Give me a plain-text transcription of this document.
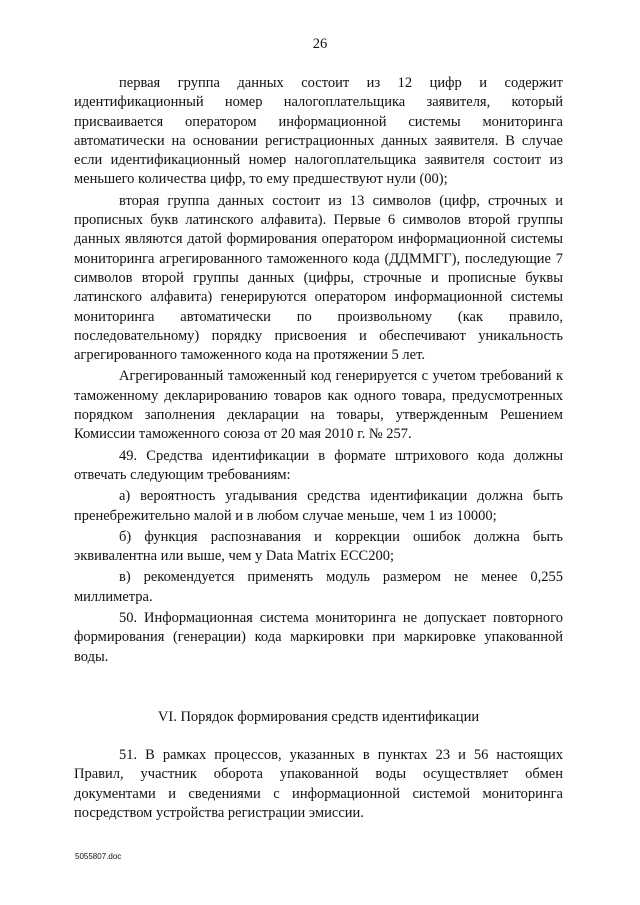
26

первая группа данных состоит из 12 цифр и содержит идентификационный номер налогоплательщика заявителя, который присваивается оператором информационной системы мониторинга автоматически на основании регистрационных данных заявителя. В случае если идентификационный номер налогоплательщика заявителя состоит из меньшего количества цифр, то ему предшествуют нули (00);

вторая группа данных состоит из 13 символов (цифр, строчных и прописных букв латинского алфавита). Первые 6 символов второй группы данных являются датой формирования оператором информационной системы мониторинга агрегированного таможенного кода (ДДММГГ), последующие 7 символов второй группы данных (цифры, строчные и прописные буквы латинского алфавита) генерируются оператором информационной системы мониторинга автоматически по произвольному (как правило, последовательному) порядку присвоения и обеспечивают уникальность агрегированного таможенного кода на протяжении 5 лет.

Агрегированный таможенный код генерируется с учетом требований к таможенному декларированию товаров как одного товара, предусмотренных порядком заполнения декларации на товары, утвержденным Решением Комиссии таможенного союза от 20 мая 2010 г. № 257.

49. Средства идентификации в формате штрихового кода должны отвечать следующим требованиям:

а) вероятность угадывания средства идентификации должна быть пренебрежительно малой и в любом случае меньше, чем 1 из 10000;

б) функция распознавания и коррекции ошибок должна быть эквивалентна или выше, чем у Data Matrix ECC200;

в) рекомендуется применять модуль размером не менее 0,255 миллиметра.

50. Информационная система мониторинга не допускает повторного формирования (генерации) кода маркировки при маркировке упакованной воды.

VI. Порядок формирования средств идентификации

51. В рамках процессов, указанных в пунктах 23 и 56 настоящих Правил, участник оборота упакованной воды осуществляет обмен документами и сведениями с информационной системой мониторинга посредством устройства регистрации эмиссии.

5055807.doc
